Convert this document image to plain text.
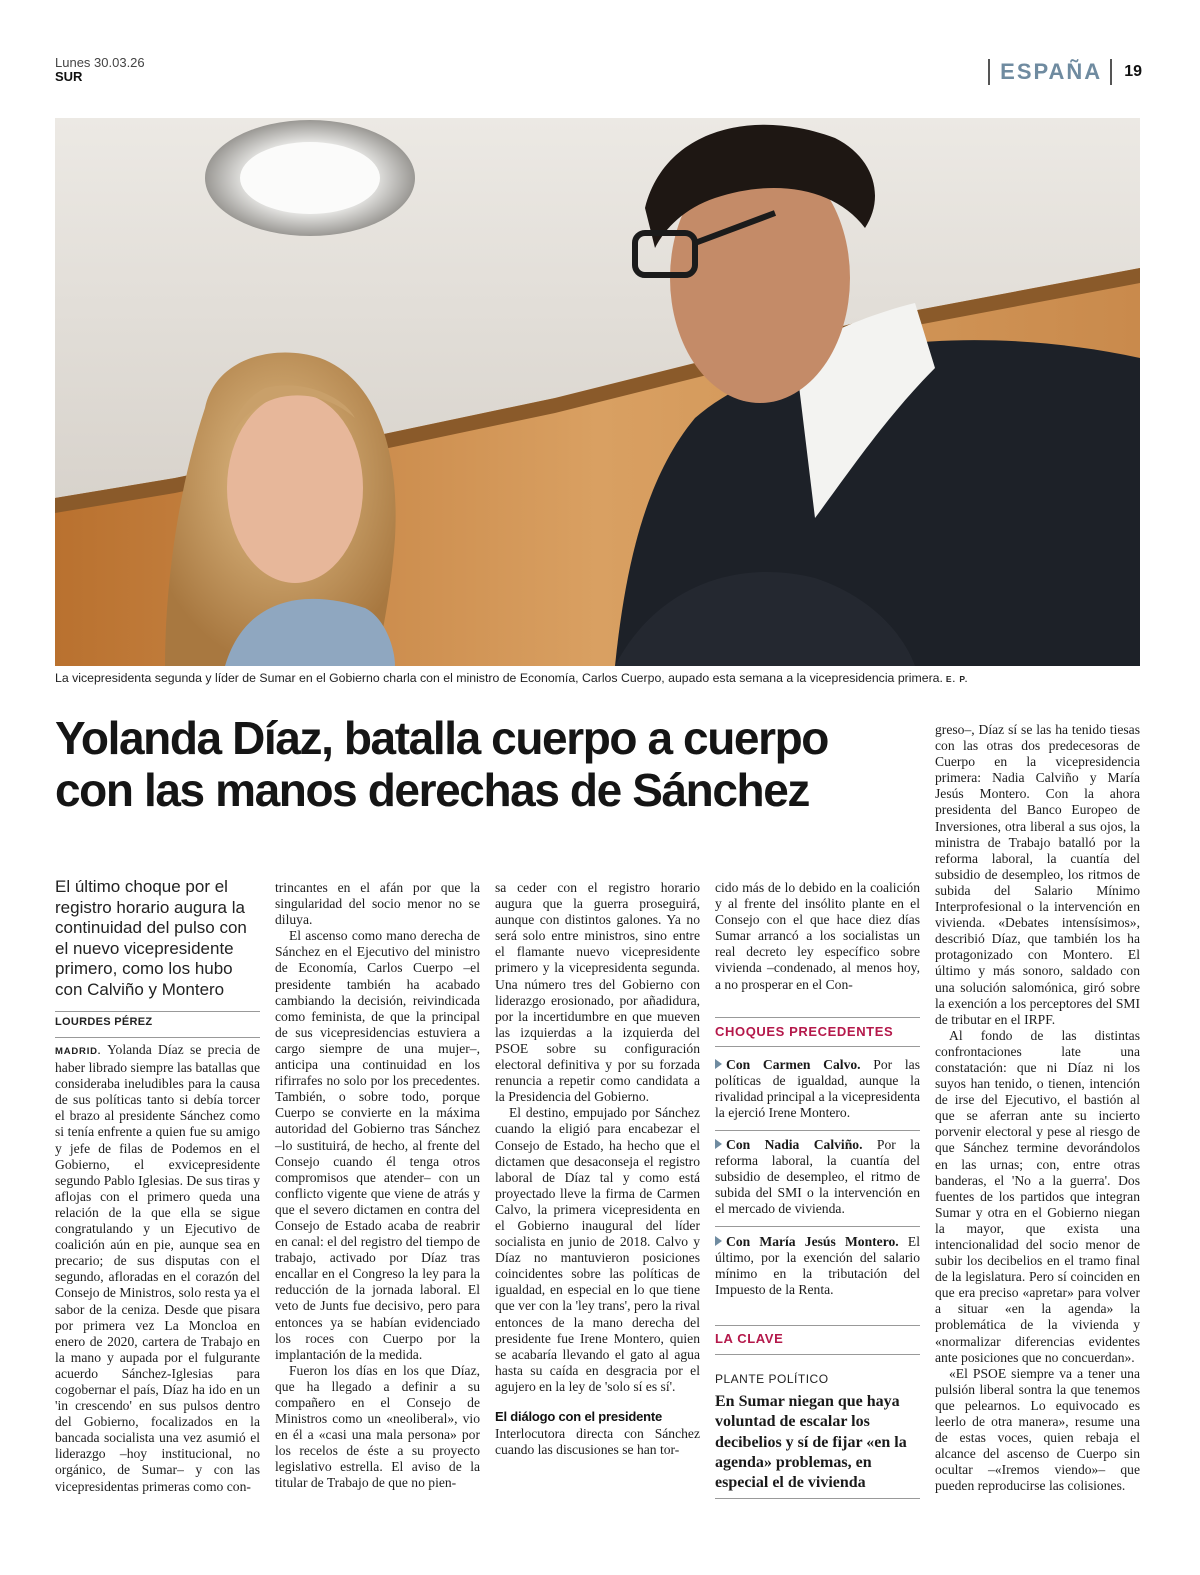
Lunes 30.03.26
SUR	ESPAÑA	19
La vicepresidenta segunda y líder de Sumar en el Gobierno charla con el ministro de Economía, Carlos Cuerpo, aupado esta semana a la vicepresidencia primera. E. P.
Yolanda Díaz, batalla cuerpo a cuerpo con las manos derechas de Sánchez
El último choque por el registro horario augura la continuidad del pulso con el nuevo vicepresidente primero, como los hubo con Calviño y Montero
LOURDES PÉREZ

MADRID. Yolanda Díaz se precia de haber librado siempre las batallas que consideraba ineludibles para la causa de sus políticas tanto si debía torcer el brazo al presidente Sánchez como si tenía enfrente a quien fue su amigo y jefe de filas de Podemos en el Gobierno, el exvicepresidente segundo Pablo Iglesias. De sus tiras y aflojas con el primero queda una relación de la que ella se sigue congratulando y un Ejecutivo de coalición aún en pie, aunque sea en precario; de sus disputas con el segundo, afloradas en el corazón del Consejo de Ministros, solo resta ya el sabor de la ceniza. Desde que pisara por primera vez La Moncloa en enero de 2020, cartera de Trabajo en la mano y aupada por el fulgurante acuerdo Sánchez-Iglesias para cogobernar el país, Díaz ha ido en un 'in crescendo' en sus pulsos dentro del Gobierno, focalizados en la bancada socialista una vez asumió el liderazgo –hoy institucional, no orgánico, de Sumar– y con las vicepresidentas primeras como con-

trincantes en el afán por que la singularidad del socio menor no se diluya.

El ascenso como mano derecha de Sánchez en el Ejecutivo del ministro de Economía, Carlos Cuerpo –el presidente también ha acabado cambiando la decisión, reivindicada como feminista, de que la principal de sus vicepresidencias estuviera a cargo siempre de una mujer–, anticipa una continuidad en los rifirrafes no solo por los precedentes. También, o sobre todo, porque Cuerpo se convierte en la máxima autoridad del Gobierno tras Sánchez –lo sustituirá, de hecho, al frente del Consejo cuando él tenga otros compromisos que atender– con un conflicto vigente que viene de atrás y que el severo dictamen en contra del Consejo de Estado acaba de reabrir en canal: el del registro del tiempo de trabajo, activado por Díaz tras encallar en el Congreso la ley para la reducción de la jornada laboral. El veto de Junts fue decisivo, pero para entonces ya se habían evidenciado los roces con Cuerpo por la implantación de la medida.

Fueron los días en los que Díaz, que ha llegado a definir a su compañero en el Consejo de Ministros como un «neoliberal», vio en él a «casi una mala persona» por los recelos de éste a su proyecto legislativo estrella. El aviso de la titular de Trabajo de que no pien-

sa ceder con el registro horario augura que la guerra proseguirá, aunque con distintos galones. Ya no será solo entre ministros, sino entre el flamante nuevo vicepresidente primero y la vicepresidenta segunda. Una número tres del Gobierno con liderazgo erosionado, por añadidura, por la incertidumbre en que mueven las izquierdas a la izquierda del PSOE sobre su configuración electoral definitiva y por su forzada renuncia a repetir como candidata a la Presidencia del Gobierno.

El destino, empujado por Sánchez cuando la eligió para encabezar el Consejo de Estado, ha hecho que el dictamen que desaconseja el registro laboral de Díaz tal y como está proyectado lleve la firma de Carmen Calvo, la primera vicepresidenta en el Gobierno inaugural del líder socialista en junio de 2018. Calvo y Díaz no mantuvieron posiciones coincidentes sobre las políticas de igualdad, en especial en lo que tiene que ver con la 'ley trans', pero la rival entonces de la mano derecha del presidente fue Irene Montero, quien se acabaría llevando el gato al agua hasta su caída en desgracia por el agujero en la ley de 'solo sí es sí'.

El diálogo con el presidente

Interlocutora directa con Sánchez cuando las discusiones se han tor-

cido más de lo debido en la coalición y al frente del insólito plante en el Consejo con el que hace diez días Sumar arrancó a los socialistas un real decreto ley específico sobre vivienda –condenado, al menos hoy, a no prosperar en el Con-

CHOQUES PRECEDENTES
Con Carmen Calvo. Por las políticas de igualdad, aunque la rivalidad principal a la vicepresidenta la ejerció Irene Montero.
Con Nadia Calviño. Por la reforma laboral, la cuantía del subsidio de desempleo, el ritmo de subida del SMI o la intervención en el mercado de vivienda.
Con María Jesús Montero. El último, por la exención del salario mínimo en la tributación del Impuesto de la Renta.
LA CLAVE
PLANTE POLÍTICO
En Sumar niegan que haya voluntad de escalar los decibelios y sí de fijar «en la agenda» problemas, en especial el de vivienda

greso–, Díaz sí se las ha tenido tiesas con las otras dos predecesoras de Cuerpo en la vicepresidencia primera: Nadia Calviño y María Jesús Montero. Con la ahora presidenta del Banco Europeo de Inversiones, otra liberal a sus ojos, la ministra de Trabajo batalló por la reforma laboral, la cuantía del subsidio de desempleo, los ritmos de subida del Salario Mínimo Interprofesional o la intervención en vivienda. «Debates intensísimos», describió Díaz, que también los ha protagonizado con Montero. El último y más sonoro, saldado con una solución salomónica, giró sobre la exención a los perceptores del SMI de tributar en el IRPF.

Al fondo de las distintas confrontaciones late una constatación: que ni Díaz ni los suyos han tenido, o tienen, intención de irse del Ejecutivo, el bastión al que se aferran ante su incierto porvenir electoral y pese al riesgo de que Sánchez termine devorándolos en las urnas; con, entre otras banderas, el 'No a la guerra'. Dos fuentes de los partidos que integran Sumar y otra en el Gobierno niegan la mayor, que exista una intencionalidad del socio menor de subir los decibelios en el tramo final de la legislatura. Pero sí coinciden en que era preciso «apretar» para volver a situar «en la agenda» la problemática de la vivienda y «normalizar diferencias evidentes ante posiciones que no concuerdan».

«El PSOE siempre va a tener una pulsión liberal sontra la que tenemos que pelearnos. Lo equivocado es leerlo de otra manera», resume una de estas voces, quien rebaja el alcance del ascenso de Cuerpo sin ocultar –«Iremos viendo»– que pueden reproducirse las colisiones.
